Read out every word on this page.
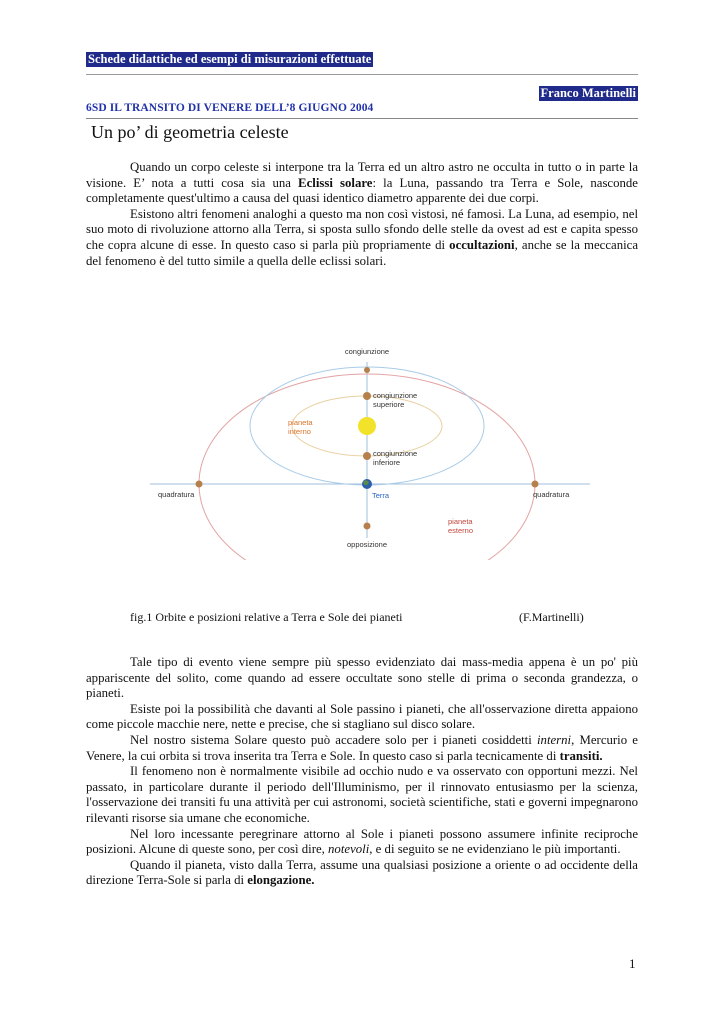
Schede didattiche ed esempi di misurazioni effettuate
Franco Martinelli
6SD IL TRANSITO DI VENERE DELL’8 GIUGNO 2004
Un po’ di geometria celeste

Quando un corpo celeste si interpone tra la Terra ed un altro astro ne occulta in tutto o in parte la visione. E’ nota a tutti cosa sia una Eclissi solare: la Luna, passando tra Terra e Sole, nasconde completamente quest'ultimo a causa del quasi identico diametro apparente dei due corpi.

Esistono altri fenomeni analoghi a questo ma non così vistosi, né famosi. La Luna, ad esempio, nel suo moto di rivoluzione attorno alla Terra, si sposta sullo sfondo delle stelle da ovest ad est e capita spesso che copra alcune di esse. In questo caso si parla più propriamente di occultazioni, anche se la meccanica del fenomeno è del tutto simile a quella delle eclissi solari.

congiunzione
congiunzione
superiore
pianeta
interno
congiunzione
inferiore
quadratura	quadratura
Terra
pianeta
esterno
opposizione
fig.1 Orbite e posizioni relative a Terra e Sole dei pianeti	(F.Martinelli)

Tale tipo di evento viene sempre più spesso evidenziato dai mass-media appena è un po' più appariscente del solito, come quando ad essere occultate sono stelle di prima o seconda grandezza, o pianeti.

Esiste poi la possibilità che davanti al Sole passino i pianeti, che all'osservazione diretta appaiono come piccole macchie nere, nette e precise, che si stagliano sul disco solare.

Nel nostro sistema Solare questo può accadere solo per i pianeti cosiddetti interni, Mercurio e Venere, la cui orbita si trova inserita tra Terra e Sole. In questo caso si parla tecnicamente di transiti.

Il fenomeno non è normalmente visibile ad occhio nudo e va osservato con opportuni mezzi. Nel passato, in particolare durante il periodo dell'Illuminismo, per il rinnovato entusiasmo per la scienza, l'osservazione dei transiti fu una attività per cui astronomi, società scientifiche, stati e governi impegnarono rilevanti risorse sia umane che economiche.

Nel loro incessante peregrinare attorno al Sole i pianeti possono assumere infinite reciproche posizioni. Alcune di queste sono, per così dire, notevoli, e di seguito se ne evidenziano le più importanti.

Quando il pianeta, visto dalla Terra, assume una qualsiasi posizione a oriente o ad occidente della direzione Terra-Sole si parla di elongazione.

1
